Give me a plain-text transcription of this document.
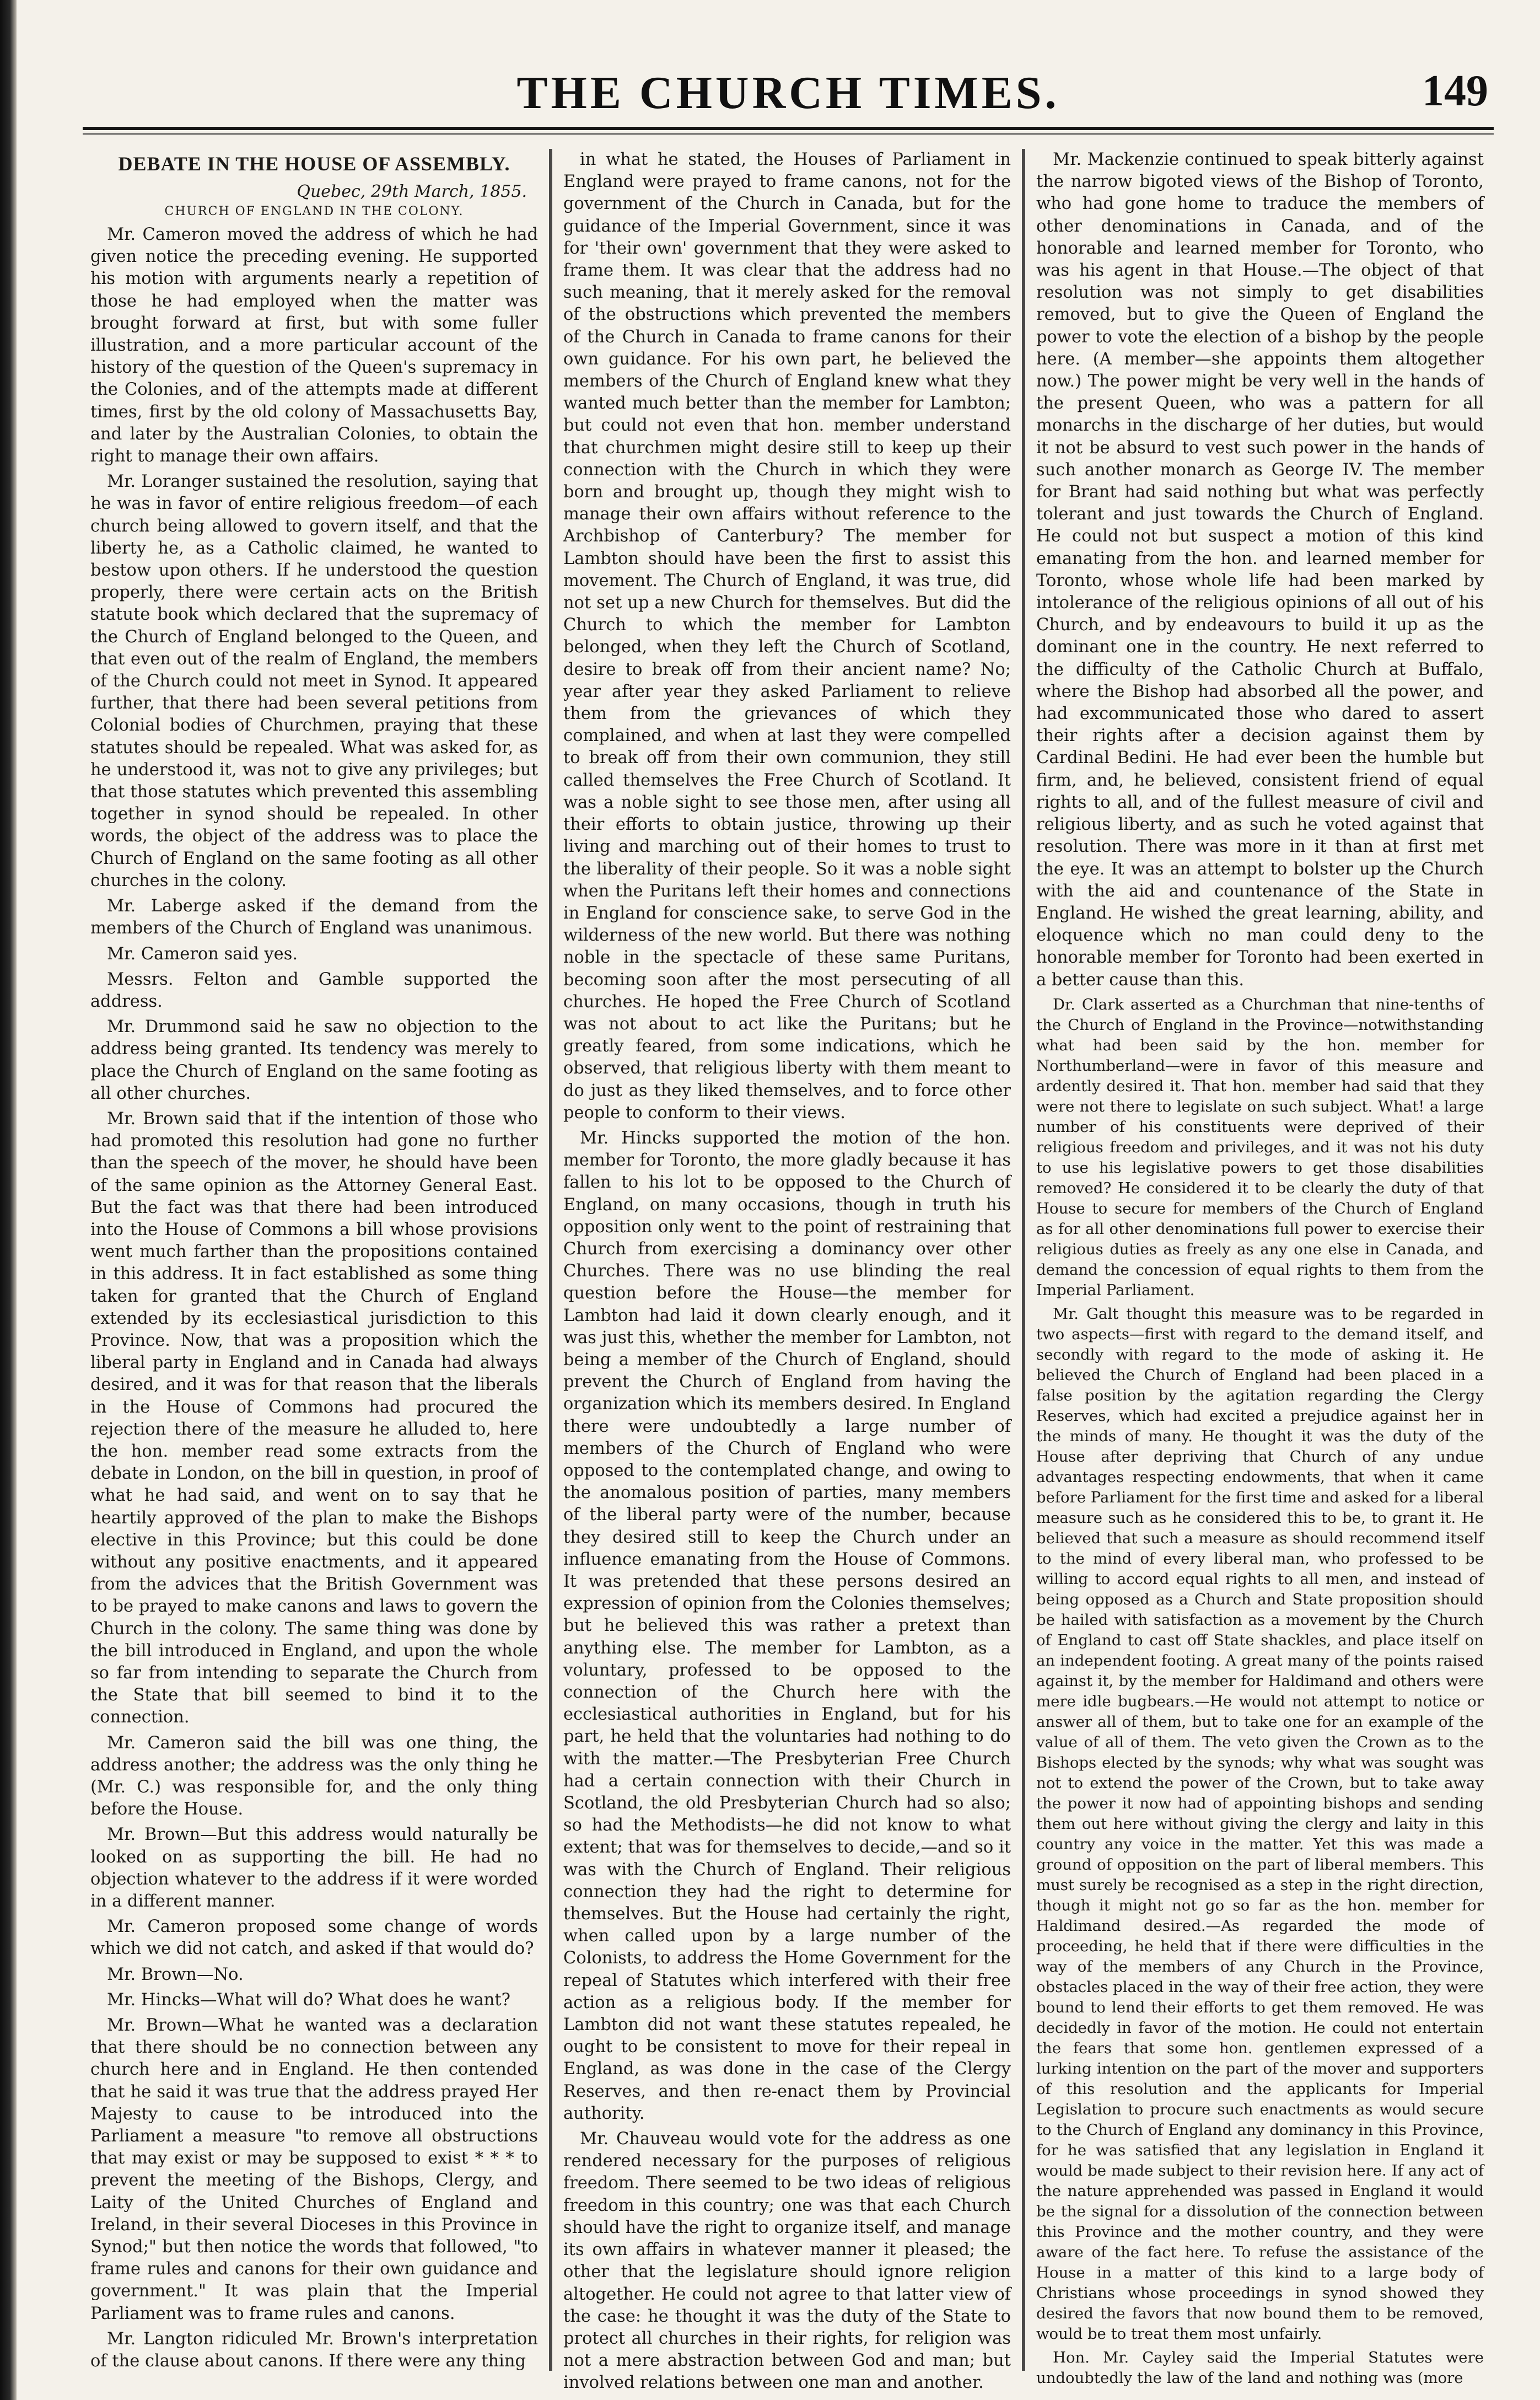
THE CHURCH TIMES.	149
DEBATE IN THE HOUSE OF ASSEMBLY.
Quebec, 29th March, 1855.
CHURCH OF ENGLAND IN THE COLONY.

Mr. Cameron moved the address of which he had given notice the preceding evening. He supported his motion with arguments nearly a repetition of those he had employed when the matter was brought forward at first, but with some fuller illustration, and a more particular account of the history of the question of the Queen's supremacy in the Colonies, and of the attempts made at different times, first by the old colony of Massachusetts Bay, and later by the Australian Colonies, to obtain the right to manage their own affairs.

Mr. Loranger sustained the resolution, saying that he was in favor of entire religious freedom—of each church being allowed to govern itself, and that the liberty he, as a Catholic claimed, he wanted to bestow upon others. If he understood the question properly, there were certain acts on the British statute book which declared that the supremacy of the Church of England belonged to the Queen, and that even out of the realm of England, the members of the Church could not meet in Synod. It appeared further, that there had been several petitions from Colonial bodies of Churchmen, praying that these statutes should be repealed. What was asked for, as he understood it, was not to give any privileges; but that those statutes which prevented this assembling together in synod should be repealed. In other words, the object of the address was to place the Church of England on the same footing as all other churches in the colony.

Mr. Laberge asked if the demand from the members of the Church of England was unanimous.

Mr. Cameron said yes.

Messrs. Felton and Gamble supported the address.

Mr. Drummond said he saw no objection to the address being granted. Its tendency was merely to place the Church of England on the same footing as all other churches.

Mr. Brown said that if the intention of those who had promoted this resolution had gone no further than the speech of the mover, he should have been of the same opinion as the Attorney General East. But the fact was that there had been introduced into the House of Commons a bill whose provisions went much farther than the propositions contained in this address. It in fact established as some thing taken for granted that the Church of England extended by its ecclesiastical jurisdiction to this Province. Now, that was a proposition which the liberal party in England and in Canada had always desired, and it was for that reason that the liberals in the House of Commons had procured the rejection there of the measure he alluded to, here the hon. member read some extracts from the debate in London, on the bill in question, in proof of what he had said, and went on to say that he heartily approved of the plan to make the Bishops elective in this Province; but this could be done without any positive enactments, and it appeared from the advices that the British Government was to be prayed to make canons and laws to govern the Church in the colony. The same thing was done by the bill introduced in England, and upon the whole so far from intending to separate the Church from the State that bill seemed to bind it to the connection.

Mr. Cameron said the bill was one thing, the address another; the address was the only thing he (Mr. C.) was responsible for, and the only thing before the House.

Mr. Brown—But this address would naturally be looked on as supporting the bill. He had no objection whatever to the address if it were worded in a different manner.

Mr. Cameron proposed some change of words which we did not catch, and asked if that would do?

Mr. Brown—No.

Mr. Hincks—What will do? What does he want?

Mr. Brown—What he wanted was a declaration that there should be no connection between any church here and in England. He then contended that he said it was true that the address prayed Her Majesty to cause to be introduced into the Parliament a measure "to remove all obstructions that may exist or may be supposed to exist * * * to prevent the meeting of the Bishops, Clergy, and Laity of the United Churches of England and Ireland, in their several Dioceses in this Province in Synod;" but then notice the words that followed, "to frame rules and canons for their own guidance and government." It was plain that the Imperial Parliament was to frame rules and canons.

Mr. Langton ridiculed Mr. Brown's interpretation of the clause about canons. If there were any thing

in what he stated, the Houses of Parliament in England were prayed to frame canons, not for the government of the Church in Canada, but for the guidance of the Imperial Government, since it was for 'their own' government that they were asked to frame them. It was clear that the address had no such meaning, that it merely asked for the removal of the obstructions which prevented the members of the Church in Canada to frame canons for their own guidance. For his own part, he believed the members of the Church of England knew what they wanted much better than the member for Lambton; but could not even that hon. member understand that churchmen might desire still to keep up their connection with the Church in which they were born and brought up, though they might wish to manage their own affairs without reference to the Archbishop of Canterbury? The member for Lambton should have been the first to assist this movement. The Church of England, it was true, did not set up a new Church for themselves. But did the Church to which the member for Lambton belonged, when they left the Church of Scotland, desire to break off from their ancient name? No; year after year they asked Parliament to relieve them from the grievances of which they complained, and when at last they were compelled to break off from their own communion, they still called themselves the Free Church of Scotland. It was a noble sight to see those men, after using all their efforts to obtain justice, throwing up their living and marching out of their homes to trust to the liberality of their people. So it was a noble sight when the Puritans left their homes and connections in England for conscience sake, to serve God in the wilderness of the new world. But there was nothing noble in the spectacle of these same Puritans, becoming soon after the most persecuting of all churches. He hoped the Free Church of Scotland was not about to act like the Puritans; but he greatly feared, from some indications, which he observed, that religious liberty with them meant to do just as they liked themselves, and to force other people to conform to their views.

Mr. Hincks supported the motion of the hon. member for Toronto, the more gladly because it has fallen to his lot to be opposed to the Church of England, on many occasions, though in truth his opposition only went to the point of restraining that Church from exercising a dominancy over other Churches. There was no use blinding the real question before the House—the member for Lambton had laid it down clearly enough, and it was just this, whether the member for Lambton, not being a member of the Church of England, should prevent the Church of England from having the organization which its members desired. In England there were undoubtedly a large number of members of the Church of England who were opposed to the contemplated change, and owing to the anomalous position of parties, many members of the liberal party were of the number, because they desired still to keep the Church under an influence emanating from the House of Commons. It was pretended that these persons desired an expression of opinion from the Colonies themselves; but he believed this was rather a pretext than anything else. The member for Lambton, as a voluntary, professed to be opposed to the connection of the Church here with the ecclesiastical authorities in England, but for his part, he held that the voluntaries had nothing to do with the matter.—The Presbyterian Free Church had a certain connection with their Church in Scotland, the old Presbyterian Church had so also; so had the Methodists—he did not know to what extent; that was for themselves to decide,—and so it was with the Church of England. Their religious connection they had the right to determine for themselves. But the House had certainly the right, when called upon by a large number of the Colonists, to address the Home Government for the repeal of Statutes which interfered with their free action as a religious body. If the member for Lambton did not want these statutes repealed, he ought to be consistent to move for their repeal in England, as was done in the case of the Clergy Reserves, and then re-enact them by Provincial authority.

Mr. Chauveau would vote for the address as one rendered necessary for the purposes of religious freedom. There seemed to be two ideas of religious freedom in this country; one was that each Church should have the right to organize itself, and manage its own affairs in whatever manner it pleased; the other that the legislature should ignore religion altogether. He could not agree to that latter view of the case: he thought it was the duty of the State to protect all churches in their rights, for religion was not a mere abstraction between God and man; but involved relations between one man and another.

Mr. Mackenzie continued to speak bitterly against the narrow bigoted views of the Bishop of Toronto, who had gone home to traduce the members of other denominations in Canada, and of the honorable and learned member for Toronto, who was his agent in that House.—The object of that resolution was not simply to get disabilities removed, but to give the Queen of England the power to vote the election of a bishop by the people here. (A member—she appoints them altogether now.) The power might be very well in the hands of the present Queen, who was a pattern for all monarchs in the discharge of her duties, but would it not be absurd to vest such power in the hands of such another monarch as George IV. The member for Brant had said nothing but what was perfectly tolerant and just towards the Church of England. He could not but suspect a motion of this kind emanating from the hon. and learned member for Toronto, whose whole life had been marked by intolerance of the religious opinions of all out of his Church, and by endeavours to build it up as the dominant one in the country. He next referred to the difficulty of the Catholic Church at Buffalo, where the Bishop had absorbed all the power, and had excommunicated those who dared to assert their rights after a decision against them by Cardinal Bedini. He had ever been the humble but firm, and, he believed, consistent friend of equal rights to all, and of the fullest measure of civil and religious liberty, and as such he voted against that resolution. There was more in it than at first met the eye. It was an attempt to bolster up the Church with the aid and countenance of the State in England. He wished the great learning, ability, and eloquence which no man could deny to the honorable member for Toronto had been exerted in a better cause than this.

Dr. Clark asserted as a Churchman that nine-tenths of the Church of England in the Province—notwithstanding what had been said by the hon. member for Northumberland—were in favor of this measure and ardently desired it. That hon. member had said that they were not there to legislate on such subject. What! a large number of his constituents were deprived of their religious freedom and privileges, and it was not his duty to use his legislative powers to get those disabilities removed? He considered it to be clearly the duty of that House to secure for members of the Church of England as for all other denominations full power to exercise their religious duties as freely as any one else in Canada, and demand the concession of equal rights to them from the Imperial Parliament.

Mr. Galt thought this measure was to be regarded in two aspects—first with regard to the demand itself, and secondly with regard to the mode of asking it. He believed the Church of England had been placed in a false position by the agitation regarding the Clergy Reserves, which had excited a prejudice against her in the minds of many. He thought it was the duty of the House after depriving that Church of any undue advantages respecting endowments, that when it came before Parliament for the first time and asked for a liberal measure such as he considered this to be, to grant it. He believed that such a measure as should recommend itself to the mind of every liberal man, who professed to be willing to accord equal rights to all men, and instead of being opposed as a Church and State proposition should be hailed with satisfaction as a movement by the Church of England to cast off State shackles, and place itself on an independent footing. A great many of the points raised against it, by the member for Haldimand and others were mere idle bugbears.—He would not attempt to notice or answer all of them, but to take one for an example of the value of all of them. The veto given the Crown as to the Bishops elected by the synods; why what was sought was not to extend the power of the Crown, but to take away the power it now had of appointing bishops and sending them out here without giving the clergy and laity in this country any voice in the matter. Yet this was made a ground of opposition on the part of liberal members. This must surely be recognised as a step in the right direction, though it might not go so far as the hon. member for Haldimand desired.—As regarded the mode of proceeding, he held that if there were difficulties in the way of the members of any Church in the Province, obstacles placed in the way of their free action, they were bound to lend their efforts to get them removed. He was decidedly in favor of the motion. He could not entertain the fears that some hon. gentlemen expressed of a lurking intention on the part of the mover and supporters of this resolution and the applicants for Imperial Legislation to procure such enactments as would secure to the Church of England any dominancy in this Province, for he was satisfied that any legislation in England it would be made subject to their revision here. If any act of the nature apprehended was passed in England it would be the signal for a dissolution of the connection between this Province and the mother country, and they were aware of the fact here. To refuse the assistance of the House in a matter of this kind to a large body of Christians whose proceedings in synod showed they desired the favors that now bound them to be removed, would be to treat them most unfairly.

Hon. Mr. Cayley said the Imperial Statutes were undoubtedly the law of the land and nothing was (more
